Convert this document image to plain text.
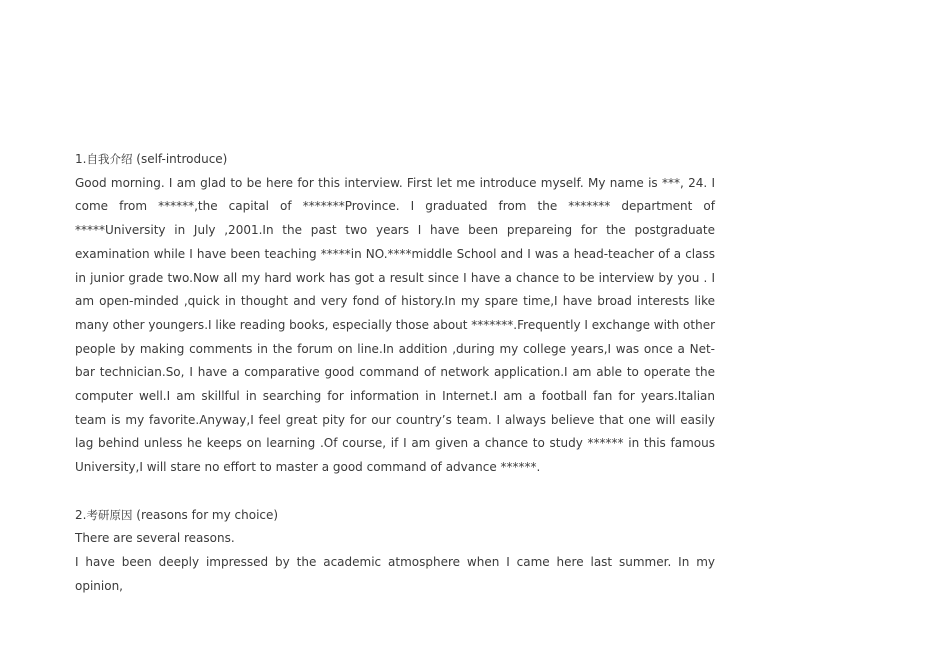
1.自我介绍 (self-introduce)

Good morning. I am glad to be here for this interview. First let me introduce myself. My name is ***, 24. I come from ******,the capital of *******Province. I graduated from the ******* department of *****University in July ,2001.In the past two years I have been prepareing for the postgraduate examination while I have been teaching *****in NO.****middle School and I was a head-teacher of a class in junior grade two.Now all my hard work has got a result since I have a chance to be interview by you . I am open-minded ,quick in thought and very fond of history.In my spare time,I have broad interests like many other youngers.I like reading books, especially those about *******.Frequently I exchange with other people by making comments in the forum on line.In addition ,during my college years,I was once a Net-bar technician.So, I have a comparative good command of network application.I am able to operate the computer well.I am skillful in searching for information in Internet.I am a football fan for years.Italian team is my favorite.Anyway,I feel great pity for our country’s team. I always believe that one will easily lag behind unless he keeps on learning .Of course, if I am given a chance to study ****** in this famous University,I will stare no effort to master a good command of advance ******.

2.考研原因 (reasons for my choice)
There are several reasons.

I have been deeply impressed by the academic atmosphere when I came here last summer. In my opinion,
